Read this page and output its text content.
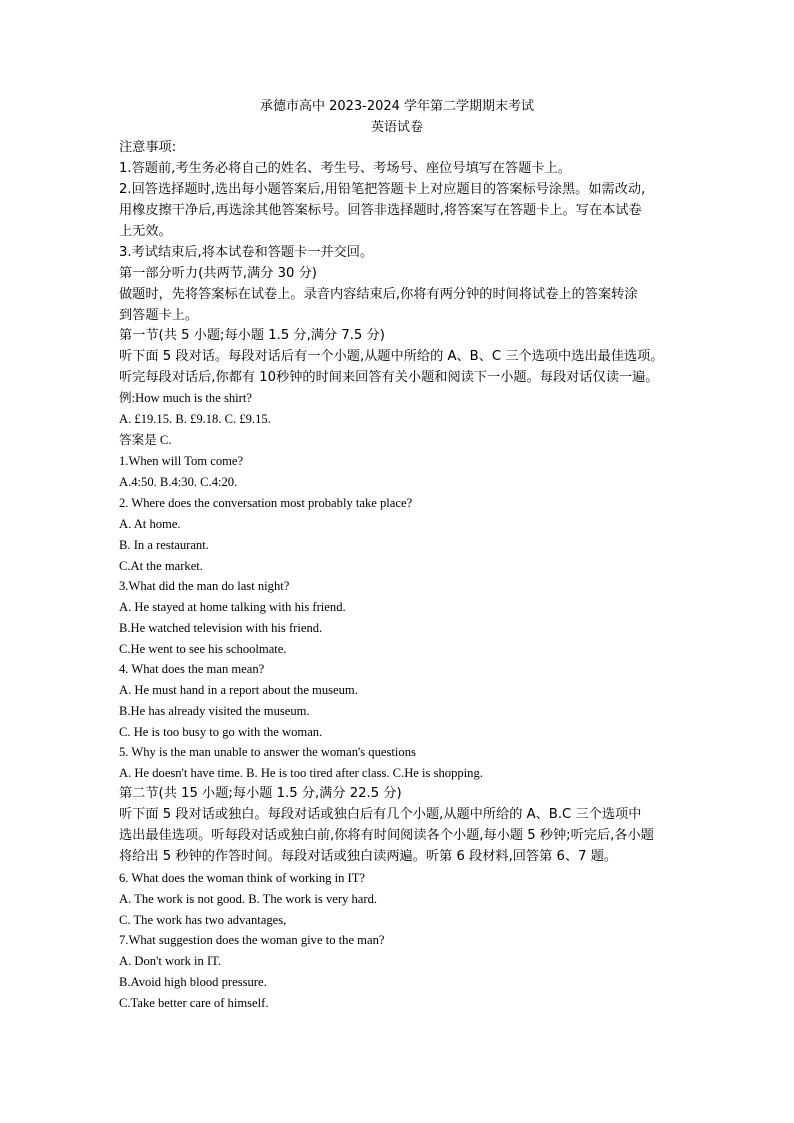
承德市高中 2023-2024 学年第二学期期末考试
英语试卷
注意事项:
1.答题前,考生务必将自己的姓名、考生号、考场号、座位号填写在答题卡上。
2.回答选择题时,选出每小题答案后,用铅笔把答题卡上对应题目的答案标号涂黑。如需改动,
用橡皮擦干净后,再选涂其他答案标号。回答非选择题时,将答案写在答题卡上。写在本试卷
上无效。
3.考试结束后,将本试卷和答题卡一并交回。
第一部分听力(共两节,满分 30 分)
做题时，先将答案标在试卷上。录音内容结束后,你将有两分钟的时间将试卷上的答案转涂
到答题卡上。
第一节(共 5 小题;每小题 1.5 分,满分 7.5 分)
听下面 5 段对话。每段对话后有一个小题,从题中所给的 A、B、C 三个选项中选出最佳选项。
听完每段对话后,你都有 10秒钟的时间来回答有关小题和阅读下一小题。每段对话仅读一遍。
例:How much is the shirt?
A. £19.15. B. £9.18. C. £9.15.
答案是 C.
1.When will Tom come?
A.4:50. B.4:30. C.4:20.
2. Where does the conversation most probably take place?
A. At home.
B. In a restaurant.
C.At the market.
3.What did the man do last night?
A. He stayed at home talking with his friend.
B.He watched television with his friend.
C.He went to see his schoolmate.
4. What does the man mean?
A. He must hand in a report about the museum.
B.He has already visited the museum.
C. He is too busy to go with the woman.
5. Why is the man unable to answer the woman's questions
A. He doesn't have time. B. He is too tired after class. C.He is shopping.
第二节(共 15 小题;每小题 1.5 分,满分 22.5 分)
听下面 5 段对话或独白。每段对话或独白后有几个小题,从题中所给的 A、B.C 三个选项中
选出最佳选项。听每段对话或独白前,你将有时间阅读各个小题,每小题 5 秒钟;听完后,各小题
将给出 5 秒钟的作答时间。每段对话或独白读两遍。听第 6 段材料,回答第 6、7 题。
6. What does the woman think of working in IT?
A. The work is not good. B. The work is very hard.
C. The work has two advantages,
7.What suggestion does the woman give to the man?
A. Don't work in IT.
B.Avoid high blood pressure.
C.Take better care of himself.
